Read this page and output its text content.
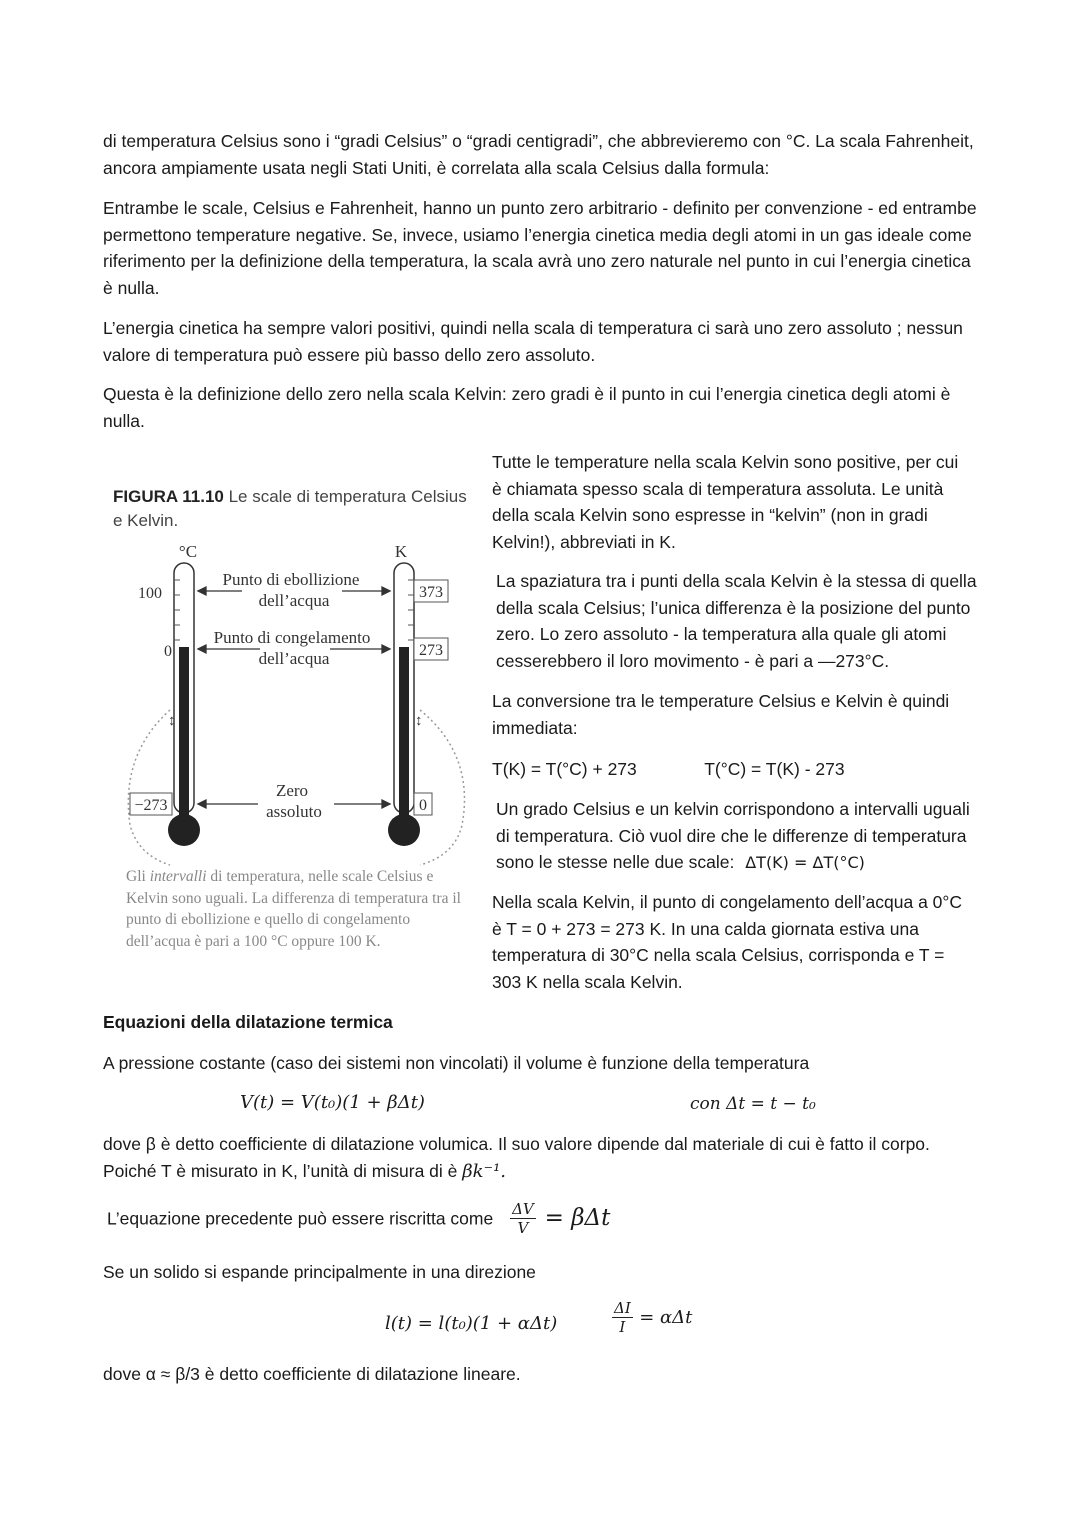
di temperatura Celsius sono i “gradi Celsius” o “gradi centigradi”, che abbrevieremo con °C. La scala Fahrenheit, ancora ampiamente usata negli Stati Uniti, è correlata alla scala Celsius dalla formula:

Entrambe le scale, Celsius e Fahrenheit, hanno un punto zero arbitrario - definito per convenzione - ed entrambe permettono temperature negative. Se, invece, usiamo l’energia cinetica media degli atomi in un gas ideale come riferimento per la definizione della temperatura, la scala avrà uno zero naturale nel punto in cui l’energia cinetica è nulla.

L’energia cinetica ha sempre valori positivi, quindi nella scala di temperatura ci sarà uno zero assoluto ; nessun valore di temperatura può essere più basso dello zero assoluto.

Questa è la definizione dello zero nella scala Kelvin: zero gradi è il punto in cui l’energia cinetica degli atomi è nulla.

FIGURA 11.10 Le scale di temperatura Celsius e Kelvin.
°C
100
0
−273
↕
K
373
273
0
↕
Punto di ebollizione
dell’acqua
Punto di congelamento
dell’acqua
Zero
assoluto
Gli intervalli di temperatura, nelle scale Celsius e Kelvin sono uguali. La differenza di temperatura tra il punto di ebollizione e quello di congelamento dell’acqua è pari a 100 °C oppure 100 K.

Tutte le temperature nella scala Kelvin sono positive, per cui è chiamata spesso scala di temperatura assoluta. Le unità della scala Kelvin sono espresse in “kelvin” (non in gradi Kelvin!), abbreviati in K.

La spaziatura tra i punti della scala Kelvin è la stessa di quella della scala Celsius; l’unica differenza è la posizione del punto zero. Lo zero assoluto - la temperatura alla quale gli atomi cesserebbero il loro movimento - è pari a —273°C.

La conversione tra le temperature Celsius e Kelvin è quindi immediata:

T(K) = T(°C) + 273	T(°C) = T(K) - 273

Un grado Celsius e un kelvin corrispondono a intervalli uguali di temperatura. Ciò vuol dire che le differenze di temperatura sono le stesse nelle due scale: ΔT(K) = ΔT(°C)

Nella scala Kelvin, il punto di congelamento dell’acqua a 0°C è T = 0 + 273 = 273 K. In una calda giornata estiva una temperatura di 30°C nella scala Celsius, corrisponda e T = 303 K nella scala Kelvin.

Equazioni della dilatazione termica

A pressione costante (caso dei sistemi non vincolati) il volume è funzione della temperatura

V(t) = V(t₀)(1 + βΔt)	con Δt = t − t₀

dove β è detto coefficiente di dilatazione volumica. Il suo valore dipende dal materiale di cui è fatto il corpo. Poiché T è misurato in K, l’unità di misura di è βk⁻¹.

L’equazione precedente può essere riscritta come $\frac{\Delta V}{V} = \beta\Delta t$

Se un solido si espande principalmente in una direzione

l(t) = l(t₀)(1 + αΔt)	$\frac{\Delta I}{I} = \alpha\Delta t$

dove α ≈ β/3 è detto coefficiente di dilatazione lineare.
